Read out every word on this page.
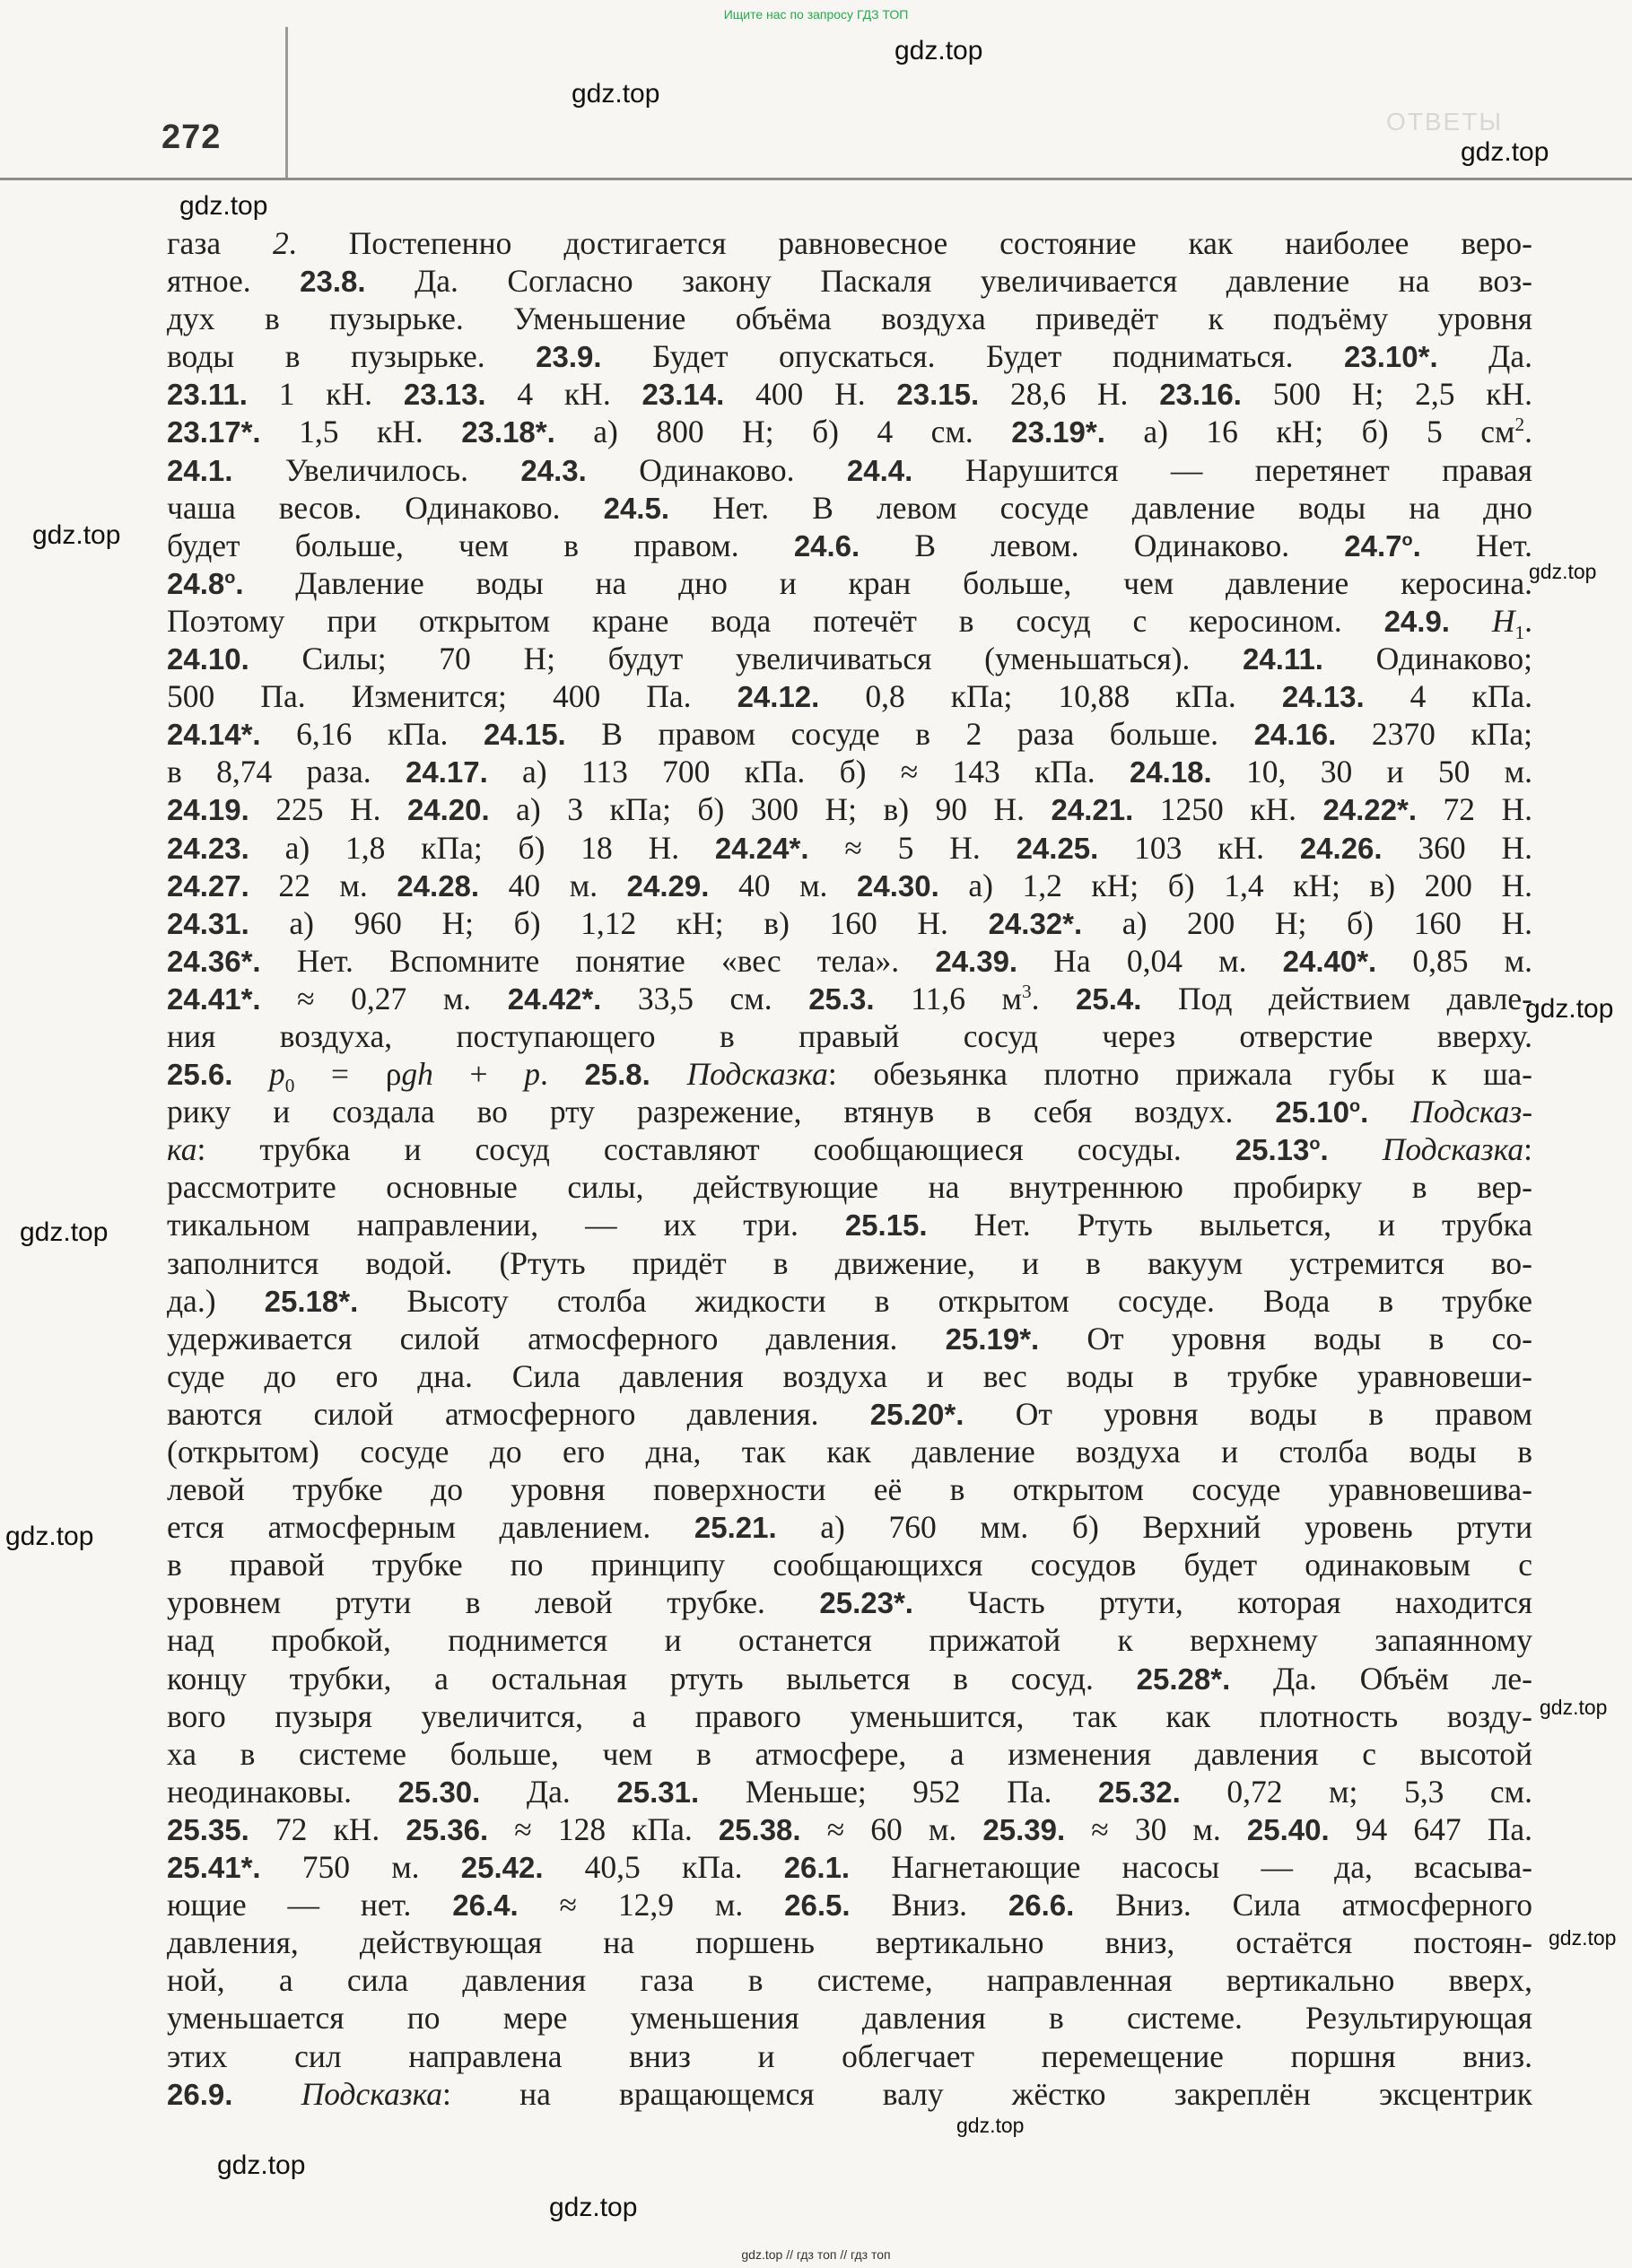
Ищите нас по запросу ГДЗ ТОП
272	ОТВЕТЫ
газа 2. Постепенно достигается равновесное состояние как наиболее веро-
ятное. 23.8. Да. Согласно закону Паскаля увеличивается давление на воз-
дух в пузырьке. Уменьшение объёма воздуха приведёт к подъёму уровня
воды в пузырьке. 23.9. Будет опускаться. Будет подниматься. 23.10*. Да.
23.11. 1 кН. 23.13. 4 кН. 23.14. 400 Н. 23.15. 28,6 Н. 23.16. 500 Н; 2,5 кН.
23.17*. 1,5 кН. 23.18*. а) 800 Н; б) 4 см. 23.19*. а) 16 кН; б) 5 $см^2$.
24.1. Увеличилось. 24.3. Одинаково. 24.4. Нарушится — перетянет правая
чаша весов. Одинаково. 24.5. Нет. В левом сосуде давление воды на дно
будет больше, чем в правом. 24.6. В левом. Одинаково. $24.7^о$. Нет.
$24.8^о$. Давление воды на дно и кран больше, чем давление керосина.
Поэтому при открытом кране вода потечёт в сосуд с керосином. 24.9. $H_1$.
24.10. Силы; 70 Н; будут увеличиваться (уменьшаться). 24.11. Одинаково;
500 Па. Изменится; 400 Па. 24.12. 0,8 кПа; 10,88 кПа. 24.13. 4 кПа.
24.14*. 6,16 кПа. 24.15. В правом сосуде в 2 раза больше. 24.16. 2370 кПа;
в 8,74 раза. 24.17. а) 113 700 кПа. б) ≈ 143 кПа. 24.18. 10, 30 и 50 м.
24.19. 225 Н. 24.20. а) 3 кПа; б) 300 Н; в) 90 Н. 24.21. 1250 кН. 24.22*. 72 Н.
24.23. а) 1,8 кПа; б) 18 Н. 24.24*. ≈ 5 Н. 24.25. 103 кН. 24.26. 360 Н.
24.27. 22 м. 24.28. 40 м. 24.29. 40 м. 24.30. а) 1,2 кН; б) 1,4 кН; в) 200 Н.
24.31. а) 960 Н; б) 1,12 кН; в) 160 Н. 24.32*. а) 200 Н; б) 160 Н.
24.36*. Нет. Вспомните понятие «вес тела». 24.39. На 0,04 м. 24.40*. 0,85 м.
24.41*. ≈ 0,27 м. 24.42*. 33,5 см. 25.3. 11,6 $м^3$. 25.4. Под действием давле-
ния воздуха, поступающего в правый сосуд через отверстие вверху.
25.6. $p_0 = \rho gh + p$. 25.8. Подсказка: обезьянка плотно прижала губы к ша-
рику и создала во рту разрежение, втянув в себя воздух. $25.10^о$. Подсказ-
ка: трубка и сосуд составляют сообщающиеся сосуды. $25.13^о$. Подсказка:
рассмотрите основные силы, действующие на внутреннюю пробирку в вер-
тикальном направлении, — их три. 25.15. Нет. Ртуть выльется, и трубка
заполнится водой. (Ртуть придёт в движение, и в вакуум устремится во-
да.) 25.18*. Высоту столба жидкости в открытом сосуде. Вода в трубке
удерживается силой атмосферного давления. 25.19*. От уровня воды в со-
суде до его дна. Сила давления воздуха и вес воды в трубке уравновеши-
ваются силой атмосферного давления. 25.20*. От уровня воды в правом
(открытом) сосуде до его дна, так как давление воздуха и столба воды в
левой трубке до уровня поверхности её в открытом сосуде уравновешива-
ется атмосферным давлением. 25.21. а) 760 мм. б) Верхний уровень ртути
в правой трубке по принципу сообщающихся сосудов будет одинаковым с
уровнем ртути в левой трубке. 25.23*. Часть ртути, которая находится
над пробкой, поднимется и останется прижатой к верхнему запаянному
концу трубки, а остальная ртуть выльется в сосуд. 25.28*. Да. Объём ле-
вого пузыря увеличится, а правого уменьшится, так как плотность возду-
ха в системе больше, чем в атмосфере, а изменения давления с высотой
неодинаковы. 25.30. Да. 25.31. Меньше; 952 Па. 25.32. 0,72 м; 5,3 см.
25.35. 72 кН. 25.36. ≈ 128 кПа. 25.38. ≈ 60 м. 25.39. ≈ 30 м. 25.40. 94 647 Па.
25.41*. 750 м. 25.42. 40,5 кПа. 26.1. Нагнетающие насосы — да, всасыва-
ющие — нет. 26.4. ≈ 12,9 м. 26.5. Вниз. 26.6. Вниз. Сила атмосферного
давления, действующая на поршень вертикально вниз, остаётся постоян-
ной, а сила давления газа в системе, направленная вертикально вверх,
уменьшается по мере уменьшения давления в системе. Результирующая
этих сил направлена вниз и облегчает перемещение поршня вниз.
26.9. Подсказка: на вращающемся валу жёстко закреплён эксцентрик
gdz.top
gdz.top
gdz.top
gdz.top
gdz.top
gdz.top
gdz.top
gdz.top
gdz.top
gdz.top
gdz.top
gdz.top
gdz.top
gdz.top
gdz.top // гдз топ // гдз топ
